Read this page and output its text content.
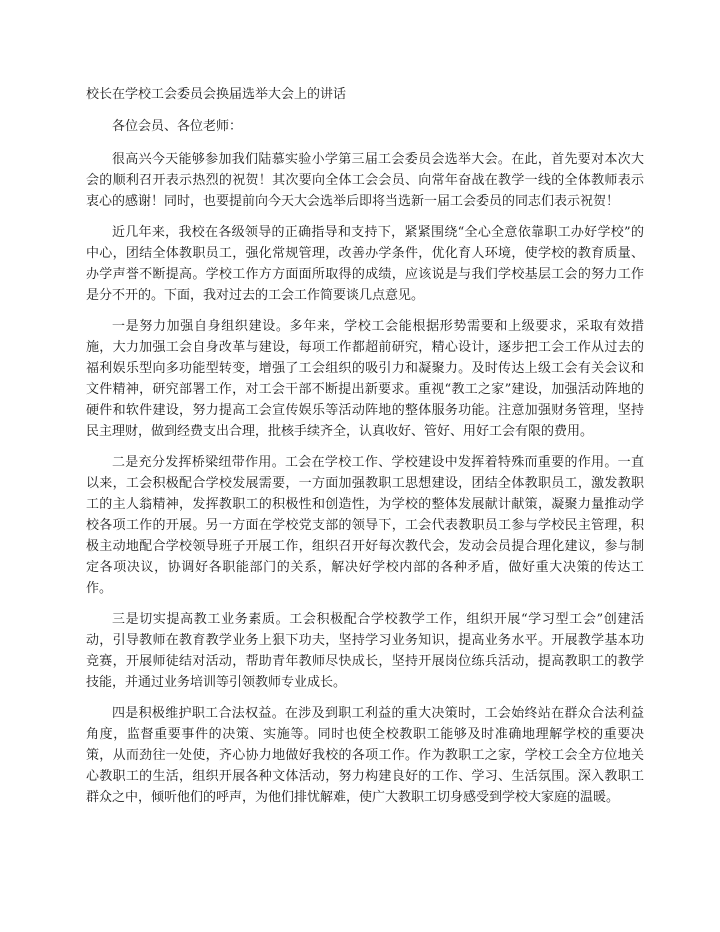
校长在学校工会委员会换届选举大会上的讲话
各位会员、各位老师：

很高兴今天能够参加我们陆慕实验小学第三届工会委员会选举大会。在此，首先要对本次大会的顺利召开表示热烈的祝贺！其次要向全体工会会员、向常年奋战在教学一线的全体教师表示衷心的感谢！同时，也要提前向今天大会选举后即将当选新一届工会委员的同志们表示祝贺！

近几年来，我校在各级领导的正确指导和支持下，紧紧围绕“全心全意依靠职工办好学校”的中心，团结全体教职员工，强化常规管理，改善办学条件，优化育人环境，使学校的教育质量、办学声誉不断提高。学校工作方方面面所取得的成绩，应该说是与我们学校基层工会的努力工作是分不开的。下面，我对过去的工会工作简要谈几点意见。

一是努力加强自身组织建设。多年来，学校工会能根据形势需要和上级要求，采取有效措施，大力加强工会自身改革与建设，每项工作都超前研究，精心设计，逐步把工会工作从过去的福利娱乐型向多功能型转变，增强了工会组织的吸引力和凝聚力。及时传达上级工会有关会议和文件精神，研究部署工作，对工会干部不断提出新要求。重视“教工之家”建设，加强活动阵地的硬件和软件建设，努力提高工会宣传娱乐等活动阵地的整体服务功能。注意加强财务管理，坚持民主理财，做到经费支出合理，批核手续齐全，认真收好、管好、用好工会有限的费用。

二是充分发挥桥梁纽带作用。工会在学校工作、学校建设中发挥着特殊而重要的作用。一直以来，工会积极配合学校发展需要，一方面加强教职工思想建设，团结全体教职员工，激发教职工的主人翁精神，发挥教职工的积极性和创造性，为学校的整体发展献计献策，凝聚力量推动学校各项工作的开展。另一方面在学校党支部的领导下，工会代表教职员工参与学校民主管理，积极主动地配合学校领导班子开展工作，组织召开好每次教代会，发动会员提合理化建议，参与制定各项决议，协调好各职能部门的关系，解决好学校内部的各种矛盾，做好重大决策的传达工作。

三是切实提高教工业务素质。工会积极配合学校教学工作，组织开展“学习型工会”创建活动，引导教师在教育教学业务上狠下功夫，坚持学习业务知识，提高业务水平。开展教学基本功竞赛，开展师徒结对活动，帮助青年教师尽快成长，坚持开展岗位练兵活动，提高教职工的教学技能，并通过业务培训等引领教师专业成长。

四是积极维护职工合法权益。在涉及到职工利益的重大决策时，工会始终站在群众合法利益角度，监督重要事件的决策、实施等。同时也使全校教职工能够及时准确地理解学校的重要决策，从而劲往一处使，齐心协力地做好我校的各项工作。作为教职工之家，学校工会全方位地关心教职工的生活，组织开展各种文体活动，努力构建良好的工作、学习、生活氛围。深入教职工群众之中，倾听他们的呼声，为他们排忧解难，使广大教职工切身感受到学校大家庭的温暖。
